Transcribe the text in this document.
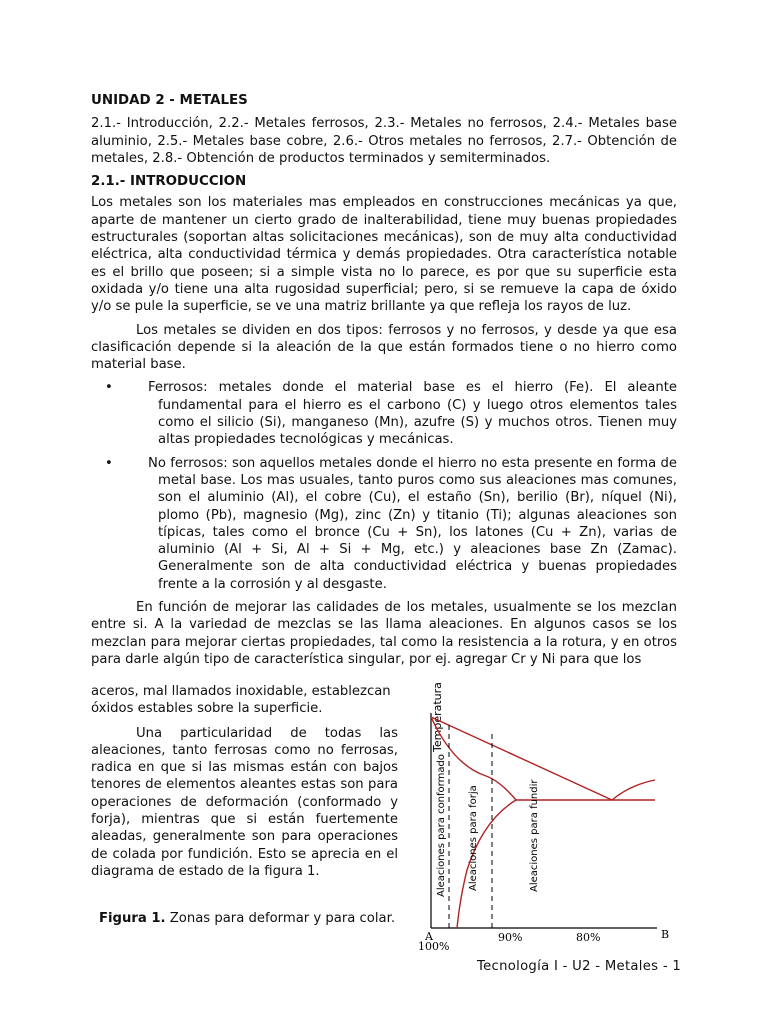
UNIDAD 2 - METALES

2.1.- Introducción, 2.2.- Metales ferrosos, 2.3.- Metales no ferrosos, 2.4.- Metales base aluminio, 2.5.- Metales base cobre, 2.6.- Otros metales no ferrosos, 2.7.- Obtención de metales, 2.8.- Obtención de productos terminados y semiterminados.

2.1.- INTRODUCCION

Los metales son los materiales mas empleados en construcciones mecánicas ya que, aparte de mantener un cierto grado de inalterabilidad, tiene muy buenas propiedades estructurales (soportan altas solicitaciones mecánicas), son de muy alta conductividad eléctrica, alta conductividad térmica y demás propiedades. Otra característica notable es el brillo que poseen; si a simple vista no lo parece, es por que su superficie esta oxidada y/o tiene una alta rugosidad superficial; pero, si se remueve la capa de óxido y/o se pule la superficie, se ve una matriz brillante ya que refleja los rayos de luz.

Los metales se dividen en dos tipos: ferrosos y no ferrosos, y desde ya que esa clasificación depende si la aleación de la que están formados tiene o no hierro como material base.

•	Ferrosos: metales donde el material base es el hierro (Fe). El aleante fundamental para el hierro es el carbono (C) y luego otros elementos tales como el silicio (Si), manganeso (Mn), azufre (S) y muchos otros. Tienen muy altas propiedades tecnológicas y mecánicas.
•	No ferrosos: son aquellos metales donde el hierro no esta presente en forma de metal base. Los mas usuales, tanto puros como sus aleaciones mas comunes, son el aluminio (Al), el cobre (Cu), el estaño (Sn), berilio (Br), níquel (Ni), plomo (Pb), magnesio (Mg), zinc (Zn) y titanio (Ti); algunas aleaciones son típicas, tales como el bronce (Cu + Sn), los latones (Cu + Zn), varias de aluminio (Al + Si, Al + Si + Mg, etc.) y aleaciones base Zn (Zamac). Generalmente son de alta conductividad eléctrica y buenas propiedades frente a la corrosión y al desgaste.

En función de mejorar las calidades de los metales, usualmente se los mezclan entre si. A la variedad de mezclas se las llama aleaciones. En algunos casos se los mezclan para mejorar ciertas propiedades, tal como la resistencia a la rotura, y en otros para darle algún tipo de característica singular, por ej. agregar Cr y Ni para que los

aceros, mal llamados inoxidable, establezcan óxidos estables sobre la superficie.

Una particularidad de todas las aleaciones, tanto ferrosas como no ferrosas, radica en que si las mismas están con bajos tenores de elementos aleantes estas son para operaciones de deformación (conformado y forja), mientras que si están fuertemente aleadas, generalmente son para operaciones de colada por fundición. Esto se aprecia en el diagrama de estado de la figura 1.

Figura 1. Zonas para deformar y para colar.
Temperatura
Aleaciones para conformado Aleaciones para forja	Aleaciones para fundir
A
100%
90%	80%	B
Tecnología I - U2 - Metales - 1
